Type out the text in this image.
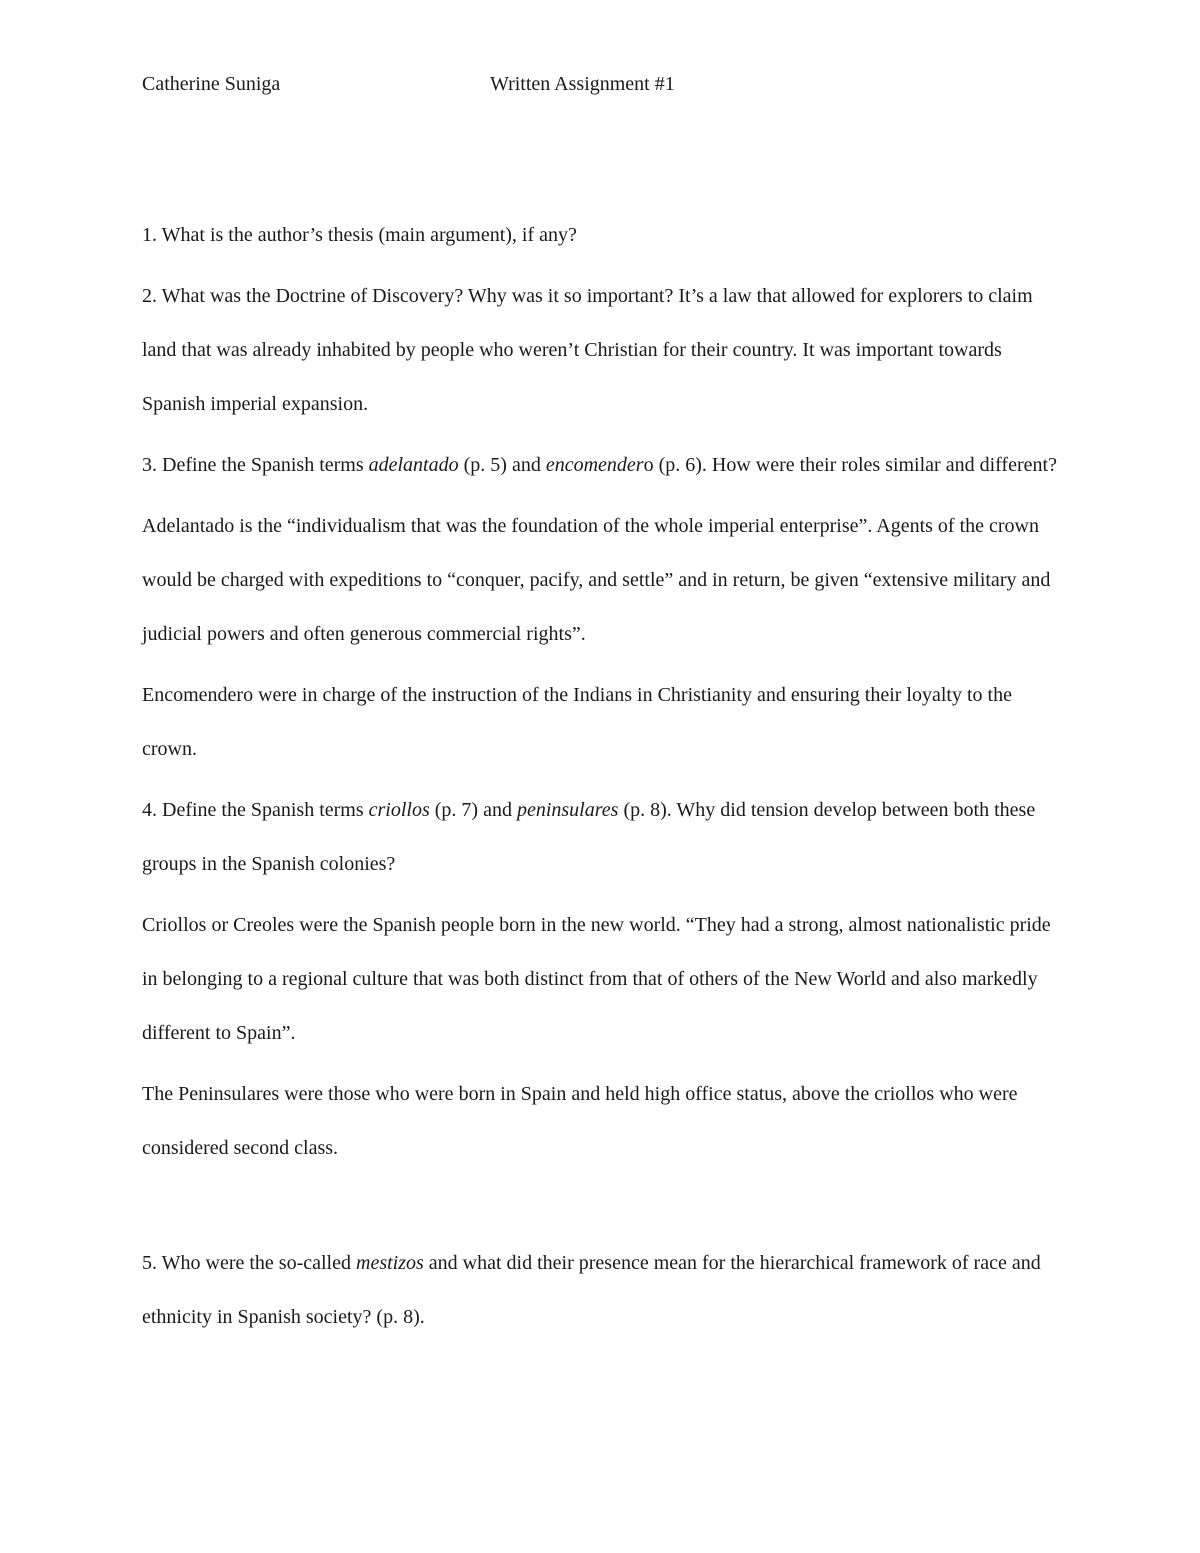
Catherine Suniga	Written Assignment #1

1. What is the author’s thesis (main argument), if any?

2. What was the Doctrine of Discovery? Why was it so important? It’s a law that allowed for explorers to claim land that was already inhabited by people who weren’t Christian for their country. It was important towards Spanish imperial expansion.

3. Define the Spanish terms adelantado (p. 5) and encomendero (p. 6). How were their roles similar and different?

Adelantado is the “individualism that was the foundation of the whole imperial enterprise”. Agents of the crown would be charged with expeditions to “conquer, pacify, and settle” and in return, be given “extensive military and judicial powers and often generous commercial rights”.

Encomendero were in charge of the instruction of the Indians in Christianity and ensuring their loyalty to the crown.

4. Define the Spanish terms criollos (p. 7) and peninsulares (p. 8). Why did tension develop between both these groups in the Spanish colonies?

Criollos or Creoles were the Spanish people born in the new world. “They had a strong, almost nationalistic pride in belonging to a regional culture that was both distinct from that of others of the New World and also markedly different to Spain”.

The Peninsulares were those who were born in Spain and held high office status, above the criollos who were considered second class.

5. Who were the so-called mestizos and what did their presence mean for the hierarchical framework of race and ethnicity in Spanish society? (p. 8).
